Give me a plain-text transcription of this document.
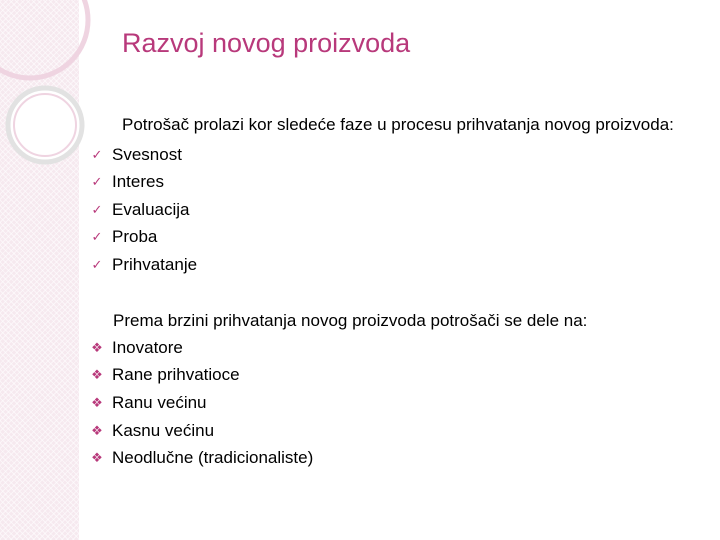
Razvoj novog proizvoda
Potrošač prolazi kor sledeće faze u procesu prihvatanja novog proizvoda:
✓ Svesnost
✓ Interes
✓ Evaluacija
✓ Proba
✓ Prihvatanje
Prema brzini prihvatanja novog proizvoda potrošači se dele na:
❖ Inovatore
❖ Rane prihvatioce
❖ Ranu većinu
❖ Kasnu većinu
❖ Neodlučne (tradicionaliste)
